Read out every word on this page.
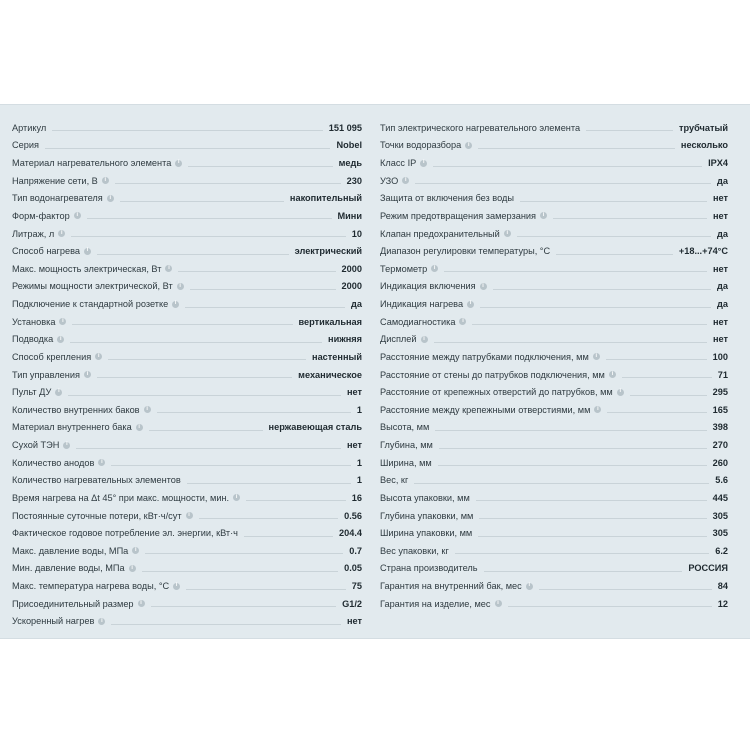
Артикул	151 095
Серия	Nobel
Материал нагревательного элемента	i	медь
Напряжение сети, В	i	230
Тип водонагревателя	i	накопительный
Форм-фактор	i	Мини
Литраж, л	i	10
Способ нагрева	i	электрический
Макс. мощность электрическая, Вт	i	2000
Режимы мощности электрической, Вт	i	2000
Подключение к стандартной розетке	i	да
Установка	i	вертикальная
Подводка	i	нижняя
Способ крепления	i	настенный
Тип управления	i	механическое
Пульт ДУ	i	нет
Количество внутренних баков	i	1
Материал внутреннего бака	i	нержавеющая сталь
Сухой ТЭН	i	нет
Количество анодов	i	1
Количество нагревательных элементов	1
Время нагрева на Δt 45° при макс. мощности, мин.	i	16
Постоянные суточные потери, кВт·ч/сут	i	0.56
Фактическое годовое потребление эл. энергии, кВт·ч	204.4
Макс. давление воды, МПа	i	0.7
Мин. давление воды, МПа	i	0.05
Макс. температура нагрева воды, °С	i	75
Присоединительный размер	i	G1/2
Ускоренный нагрев	i	нет
Тип электрического нагревательного элемента	трубчатый
Точки водоразбора	i	несколько
Класс IP	i	IPX4
УЗО	i	да
Защита от включения без воды	нет
Режим предотвращения замерзания	i	нет
Клапан предохранительный	i	да
Диапазон регулировки температуры, °С	+18...+74°С
Термометр	i	нет
Индикация включения	i	да
Индикация нагрева	i	да
Самодиагностика	i	нет
Дисплей	i	нет
Расстояние между патрубками подключения, мм	i	100
Расстояние от стены до патрубков подключения, мм	i	71
Расстояние от крепежных отверстий до патрубков, мм	i	295
Расстояние между крепежными отверстиями, мм	i	165
Высота, мм	398
Глубина, мм	270
Ширина, мм	260
Вес, кг	5.6
Высота упаковки, мм	445
Глубина упаковки, мм	305
Ширина упаковки, мм	305
Вес упаковки, кг	6.2
Страна производитель	РОССИЯ
Гарантия на внутренний бак, мес	i	84
Гарантия на изделие, мес	i	12
